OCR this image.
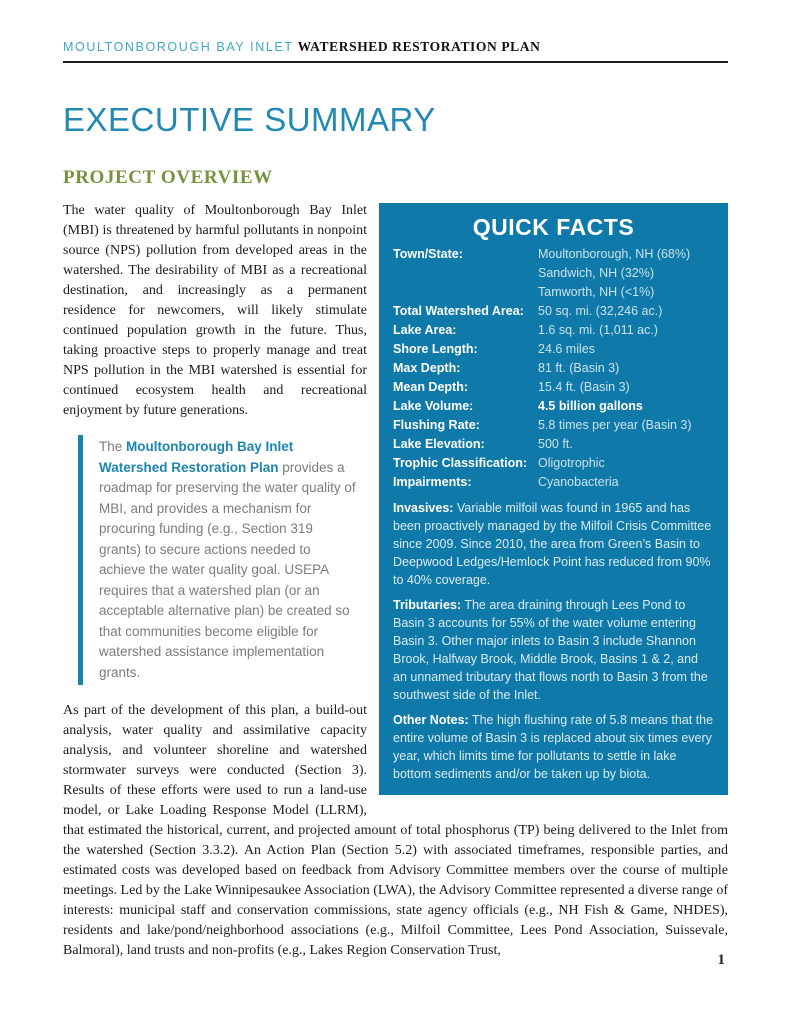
MOULTONBOROUGH BAY INLET WATERSHED RESTORATION PLAN
EXECUTIVE SUMMARY
PROJECT OVERVIEW
QUICK FACTS
Town/State:	Moultonborough, NH (68%)
Sandwich, NH (32%)
Tamworth, NH (<1%)
Total Watershed Area:	50 sq. mi. (32,246 ac.)
Lake Area:	1.6 sq. mi. (1,011 ac.)
Shore Length:	24.6 miles
Max Depth:	81 ft. (Basin 3)
Mean Depth:	15.4 ft. (Basin 3)
Lake Volume:	4.5 billion gallons
Flushing Rate:	5.8 times per year (Basin 3)
Lake Elevation:	500 ft.
Trophic Classification: Oligotrophic
Impairments:	Cyanobacteria

Invasives: Variable milfoil was found in 1965 and has been proactively managed by the Milfoil Crisis Committee since 2009. Since 2010, the area from Green’s Basin to Deepwood Ledges/Hemlock Point has reduced from 90% to 40% coverage.

Tributaries: The area draining through Lees Pond to Basin 3 accounts for 55% of the water volume entering Basin 3. Other major inlets to Basin 3 include Shannon Brook, Halfway Brook, Middle Brook, Basins 1 & 2, and an unnamed tributary that flows north to Basin 3 from the southwest side of the Inlet.

Other Notes: The high flushing rate of 5.8 means that the entire volume of Basin 3 is replaced about six times every year, which limits time for pollutants to settle in lake bottom sediments and/or be taken up by biota.

The water quality of Moultonborough Bay Inlet (MBI) is threatened by harmful pollutants in nonpoint source (NPS) pollution from developed areas in the watershed. The desirability of MBI as a recreational destination, and increasingly as a permanent residence for newcomers, will likely stimulate continued population growth in the future. Thus, taking proactive steps to properly manage and treat NPS pollution in the MBI watershed is essential for continued ecosystem health and recreational enjoyment by future generations.

The Moultonborough Bay Inlet Watershed Restoration Plan provides a roadmap for preserving the water quality of MBI, and provides a mechanism for procuring funding (e.g., Section 319 grants) to secure actions needed to achieve the water quality goal. USEPA requires that a watershed plan (or an acceptable alternative plan) be created so that communities become eligible for watershed assistance implementation grants.

As part of the development of this plan, a build-out analysis, water quality and assimilative capacity analysis, and volunteer shoreline and watershed stormwater surveys were conducted (Section 3). Results of these efforts were used to run a land-use model, or Lake Loading Response Model (LLRM), that estimated the historical, current, and projected amount of total phosphorus (TP) being delivered to the Inlet from the watershed (Section 3.3.2). An Action Plan (Section 5.2) with associated timeframes, responsible parties, and estimated costs was developed based on feedback from Advisory Committee members over the course of multiple meetings. Led by the Lake Winnipesaukee Association (LWA), the Advisory Committee represented a diverse range of interests: municipal staff and conservation commissions, state agency officials (e.g., NH Fish & Game, NHDES), residents and lake/pond/neighborhood associations (e.g., Milfoil Committee, Lees Pond Association, Suissevale, Balmoral), land trusts and non-profits (e.g., Lakes Region Conservation Trust,

1
